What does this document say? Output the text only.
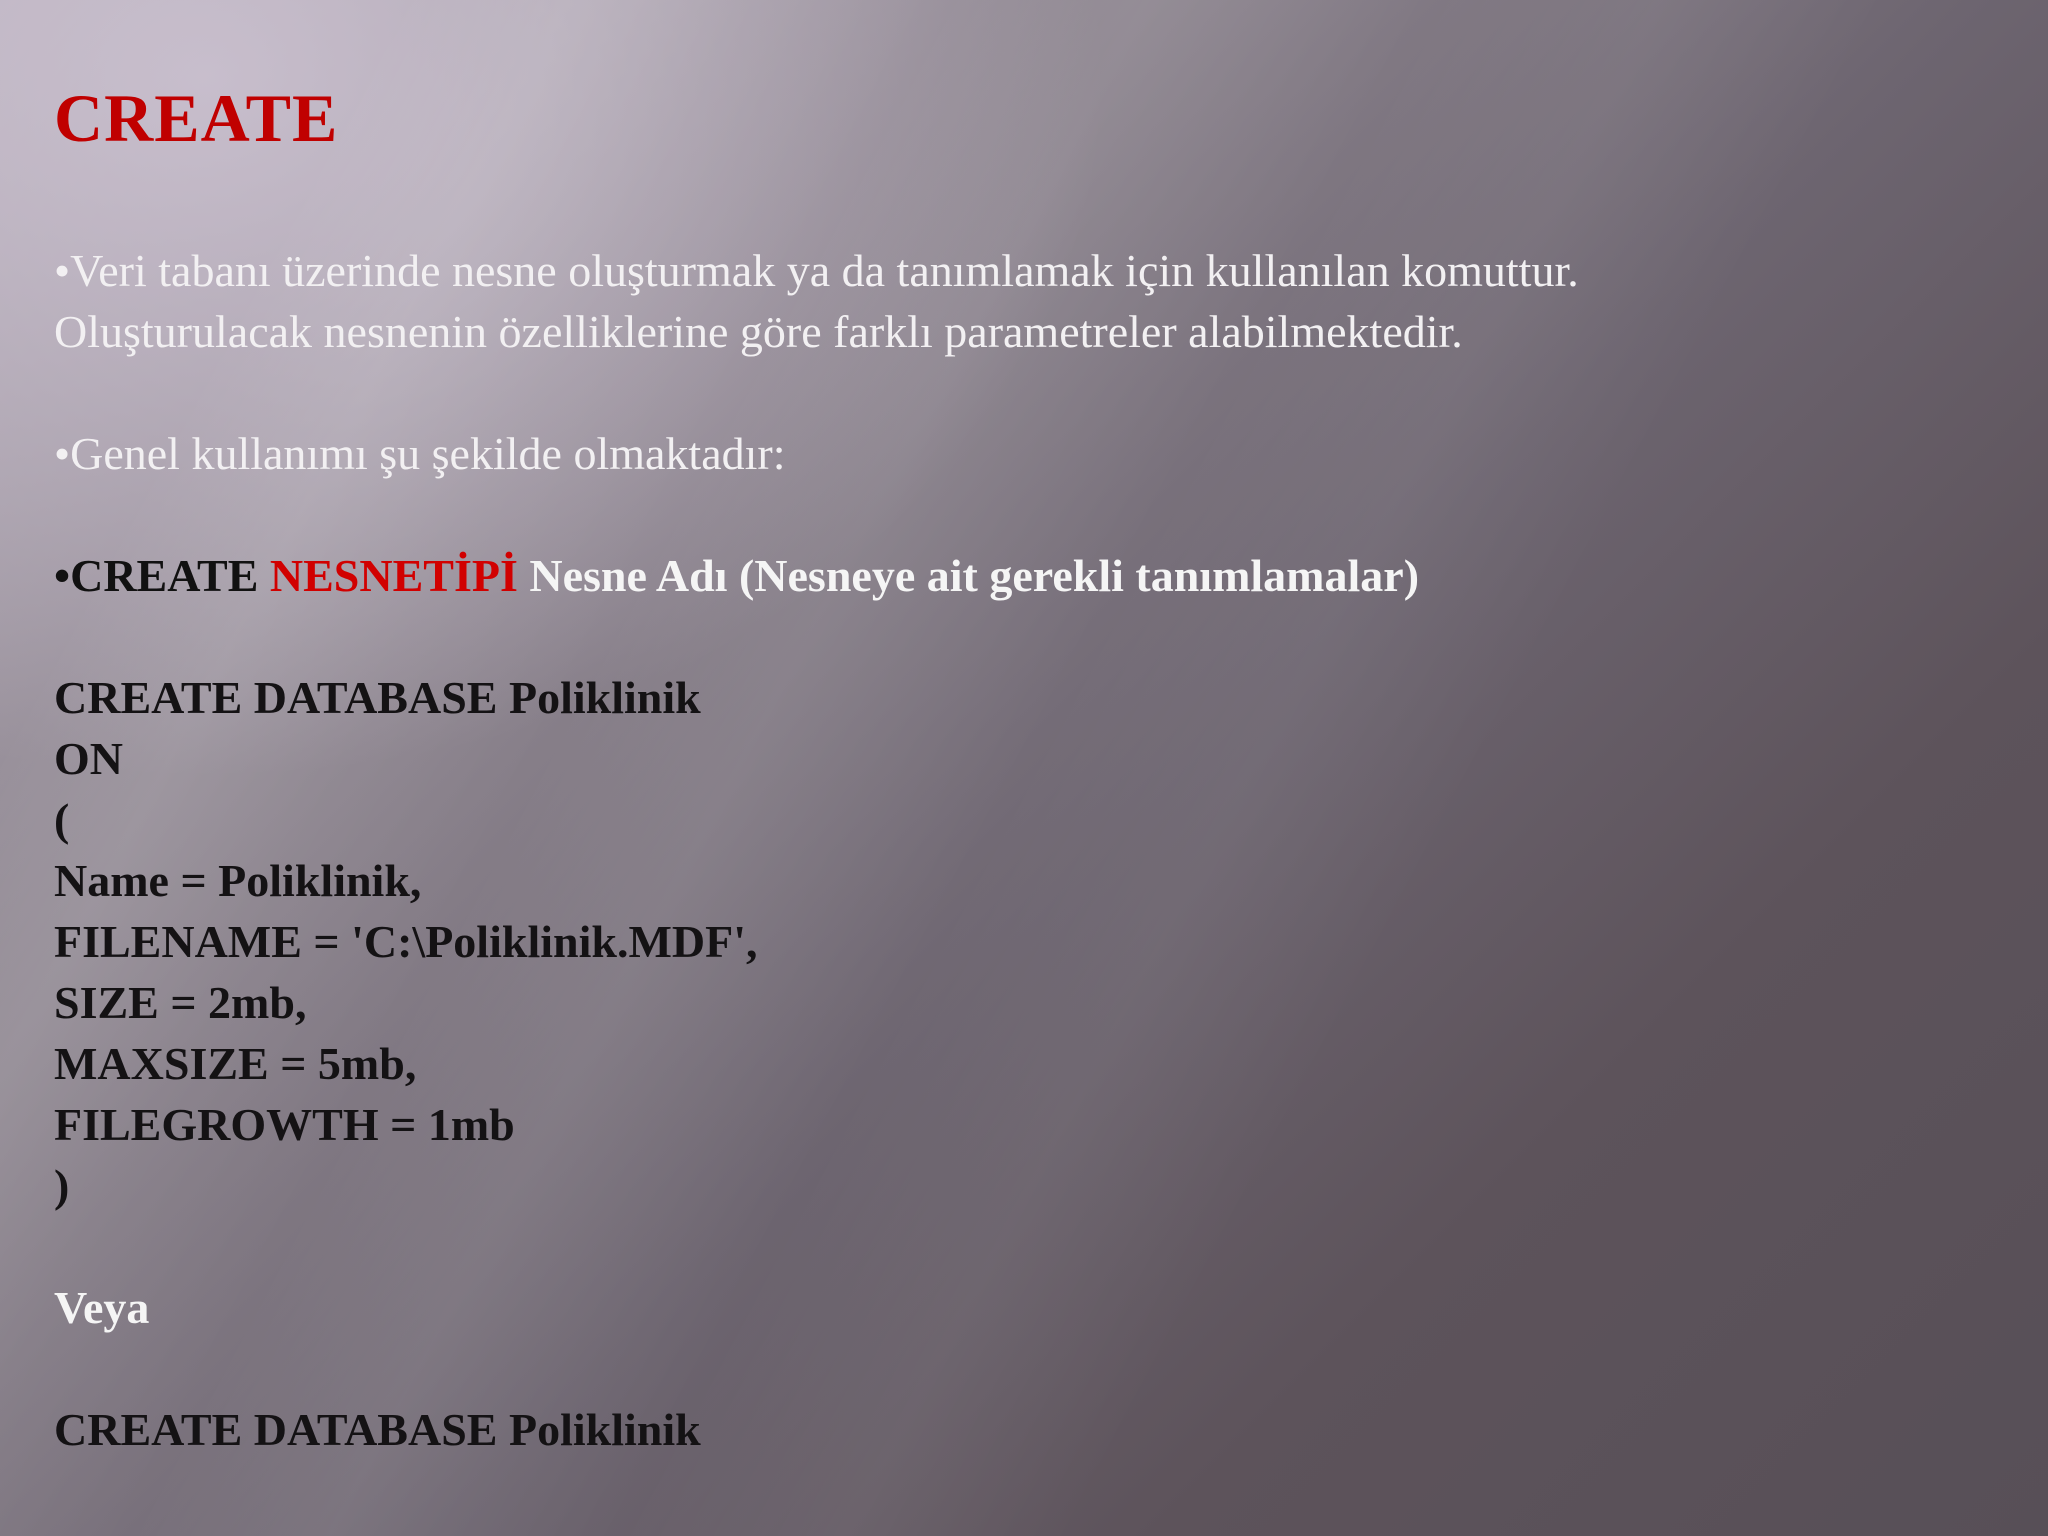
CREATE

•Veri tabanı üzerinde nesne oluşturmak ya da tanımlamak için kullanılan komuttur.

Oluşturulacak nesnenin özelliklerine göre farklı parametreler alabilmektedir.

•Genel kullanımı şu şekilde olmaktadır:

•CREATE NESNETİPİ Nesne Adı (Nesneye ait gerekli tanımlamalar)

CREATE DATABASE Poliklinik

ON

(

Name = Poliklinik,

FILENAME = 'C:\Poliklinik.MDF',

SIZE = 2mb,

MAXSIZE = 5mb,

FILEGROWTH = 1mb

)

Veya

CREATE DATABASE Poliklinik
